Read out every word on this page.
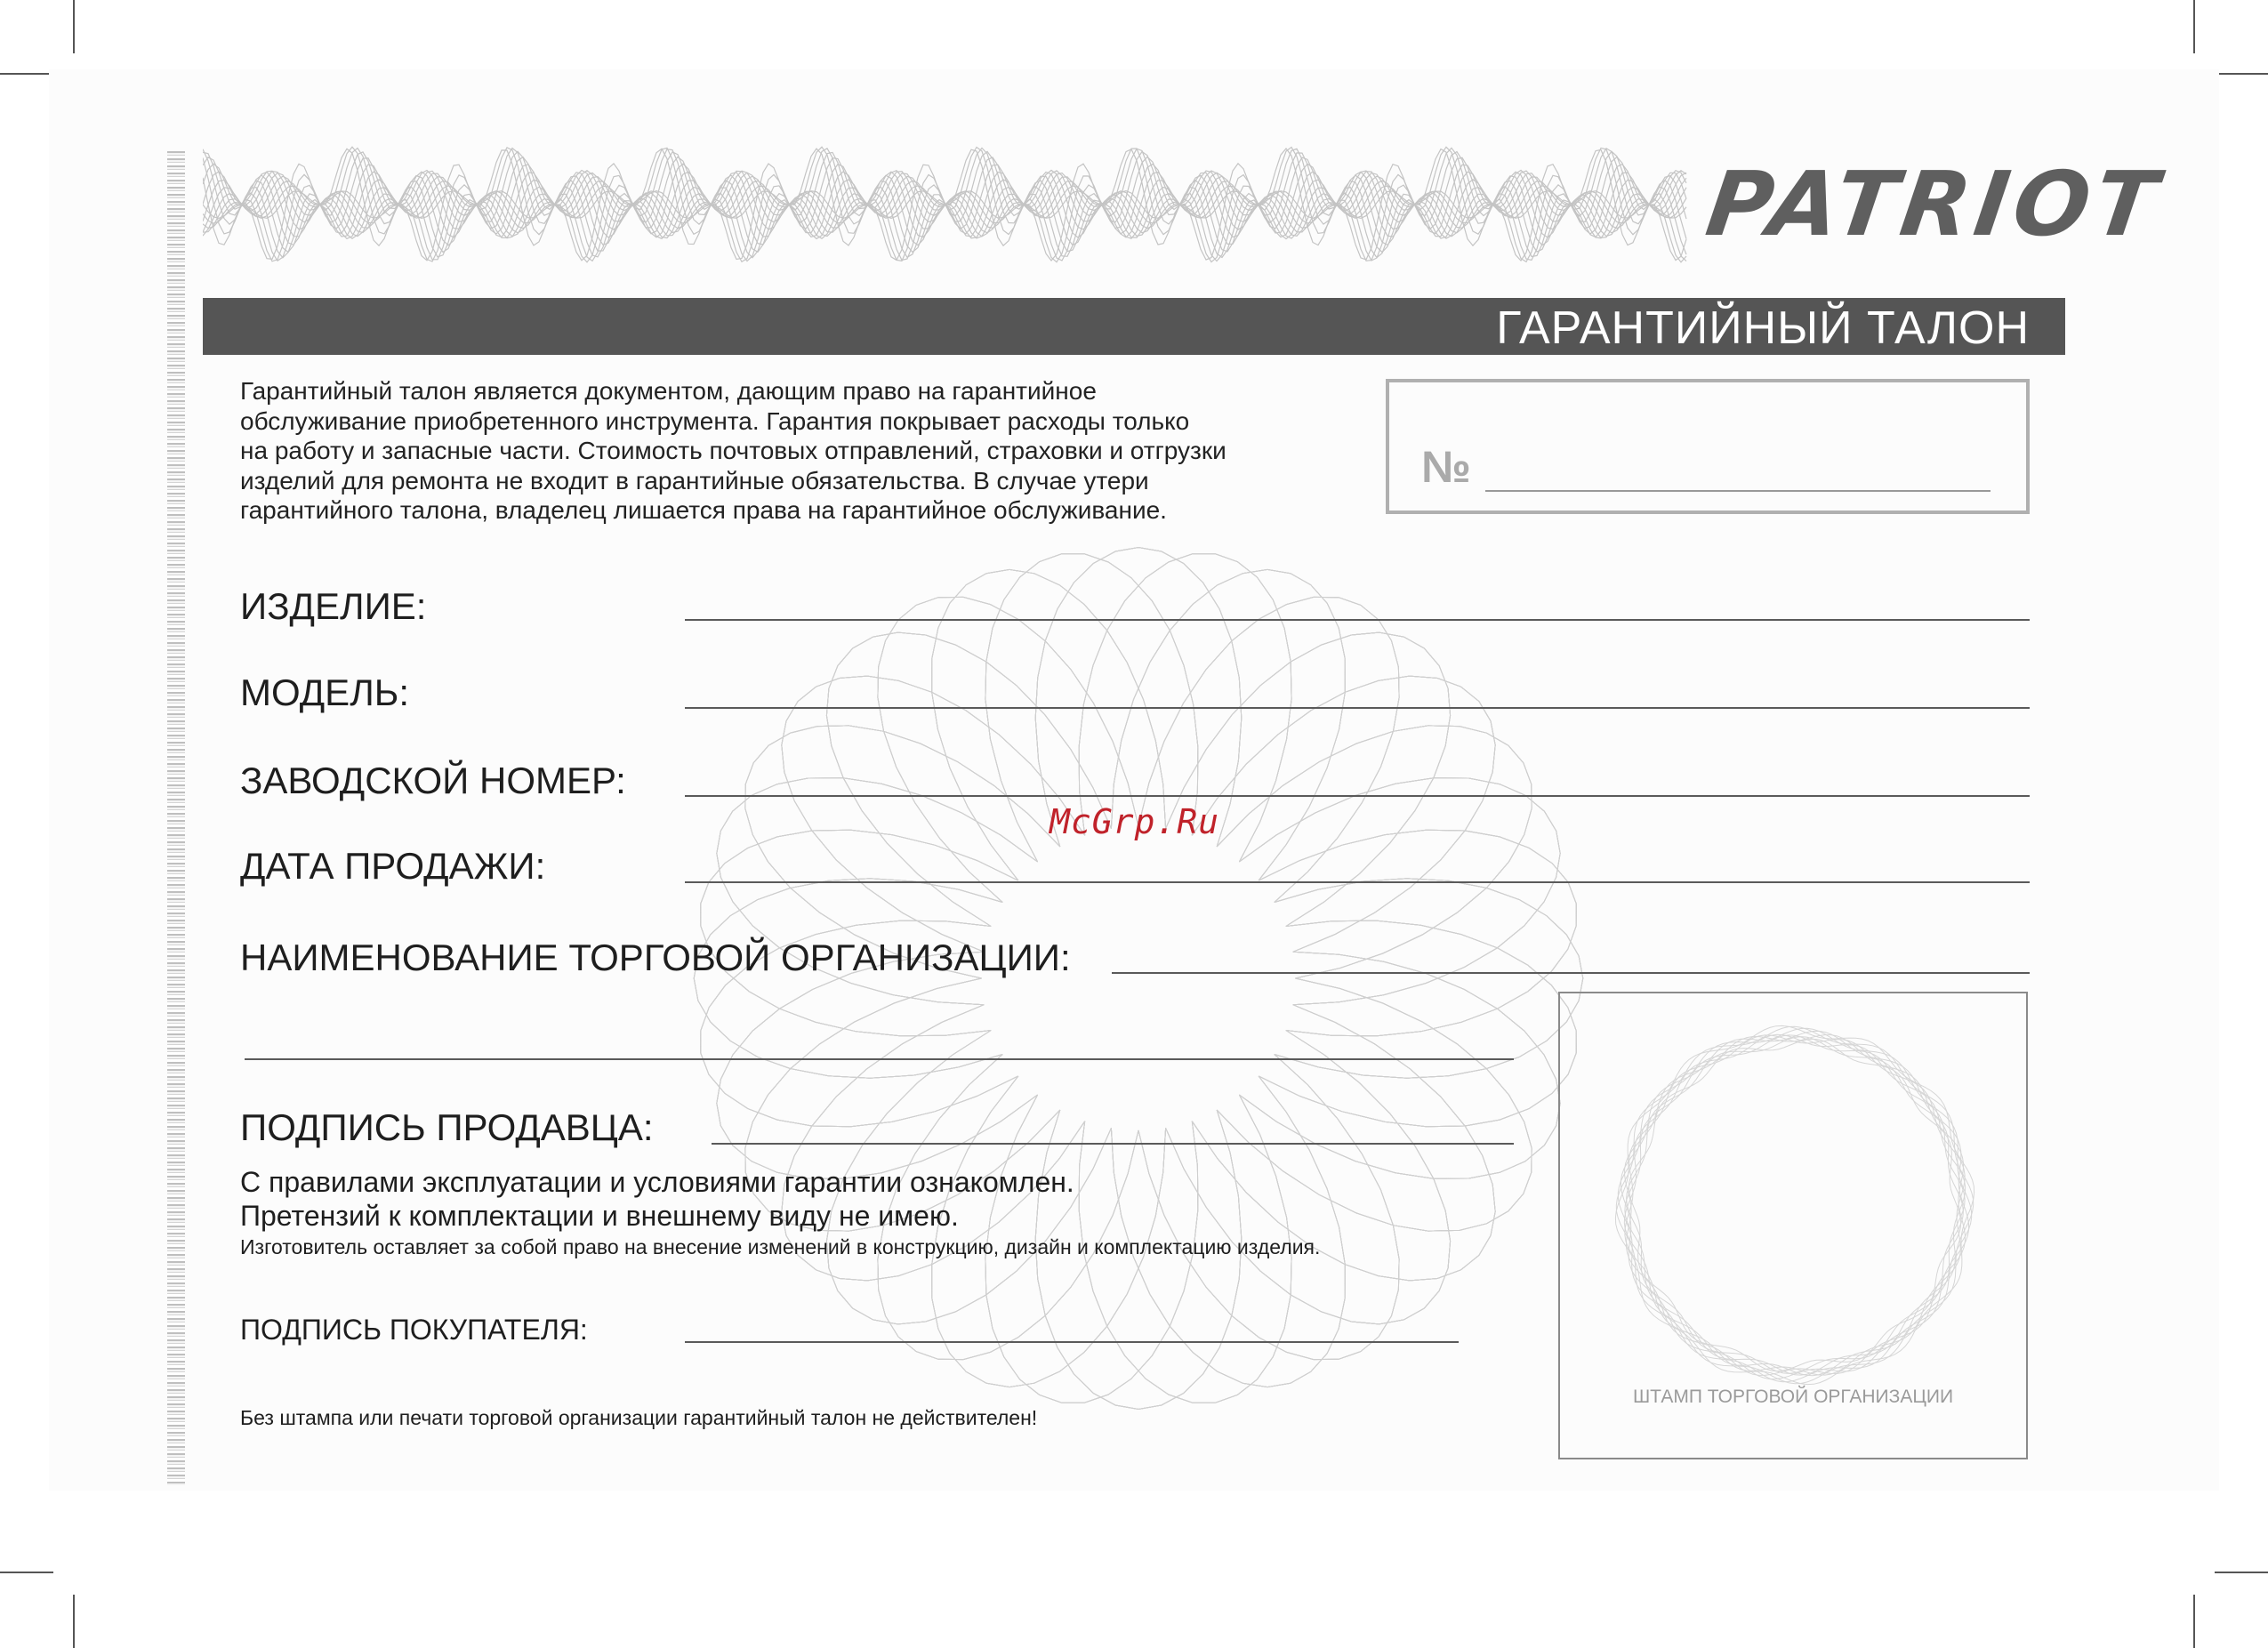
PATRIOT
ГАРАНТИЙНЫЙ ТАЛОН
Гарантийный талон является документом, дающим право на гарантийное
обслуживание приобретенного инструмента. Гарантия покрывает расходы только
на работу и запасные части. Стоимость почтовых отправлений, страховки и отгрузки
изделий для ремонта не входит в гарантийные обязательства. В случае утери
гарантийного талона, владелец лишается права на гарантийное обслуживание.
№
ИЗДЕЛИЕ:
МОДЕЛЬ:
ЗАВОДСКОЙ НОМЕР:
ДАТА ПРОДАЖИ:
НАИМЕНОВАНИЕ ТОРГОВОЙ ОРГАНИЗАЦИИ:
ПОДПИСЬ ПРОДАВЦА:
С правилами эксплуатации и условиями гарантии ознакомлен.
Претензий к комплектации и внешнему виду не имею.
Изготовитель оставляет за собой право на внесение изменений в конструкцию, дизайн и комплектацию изделия.
ПОДПИСЬ ПОКУПАТЕЛЯ:
Без штампа или печати торговой организации гарантийный талон не действителен!
ШТАМП ТОРГОВОЙ ОРГАНИЗАЦИИ
McGrp.Ru
